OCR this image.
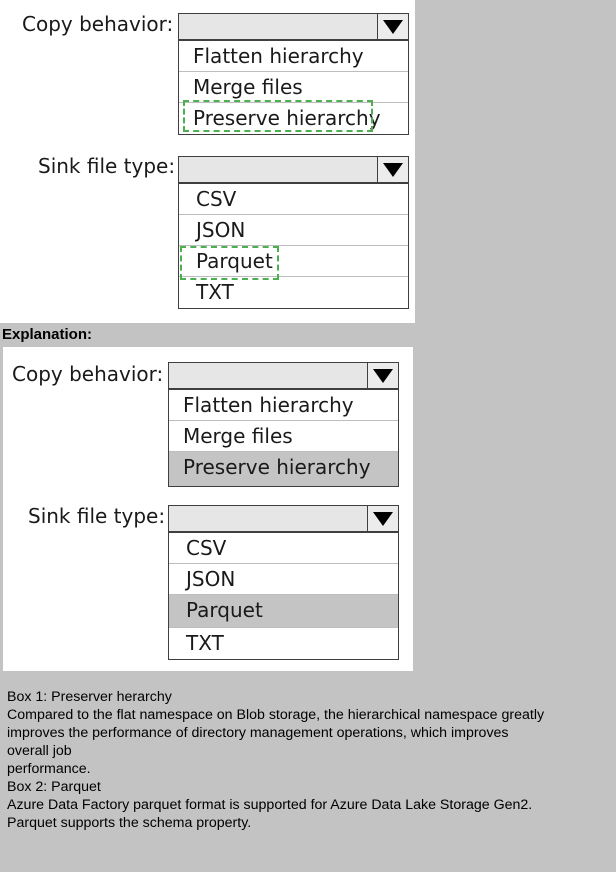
Copy behavior:
Flatten hierarchy
Merge files
Preserve hierarchy
Sink file type:
CSV
JSON
Parquet
TXT
Explanation:
Copy behavior:
Flatten hierarchy
Merge files
Preserve hierarchy
Sink file type:
CSV
JSON
Parquet
TXT
Box 1: Preserver herarchy
Compared to the flat namespace on Blob storage, the hierarchical namespace greatly
improves the performance of directory management operations, which improves
overall job
performance.
Box 2: Parquet
Azure Data Factory parquet format is supported for Azure Data Lake Storage Gen2.
Parquet supports the schema property.
